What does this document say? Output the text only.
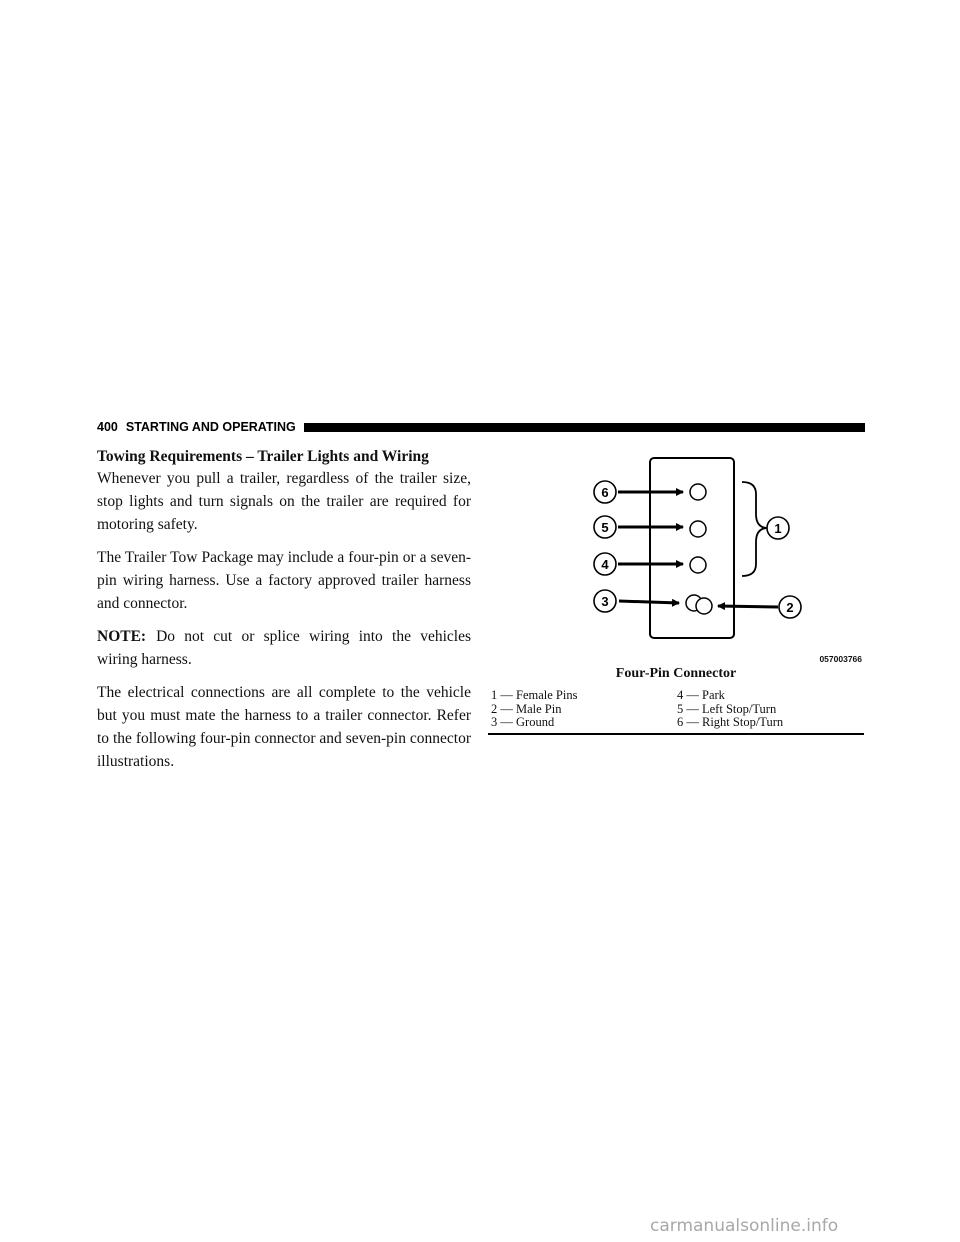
400 STARTING AND OPERATING
Towing Requirements – Trailer Lights and Wiring

Whenever you pull a trailer, regardless of the trailer size, stop lights and turn signals on the trailer are required for motoring safety.

The Trailer Tow Package may include a four-pin or a seven-pin wiring harness. Use a factory approved trailer harness and connector.

NOTE: Do not cut or splice wiring into the vehicles wiring harness.

The electrical connections are all complete to the vehicle but you must mate the harness to a trailer connector. Refer to the following four-pin connector and seven-pin connector illustrations.

6
5
4
3
1
2
057003766
Four-Pin Connector
1 — Female Pins	4 — Park
2 — Male Pin	5 — Left Stop/Turn
3 — Ground	6 — Right Stop/Turn
carmanualsonline.info
